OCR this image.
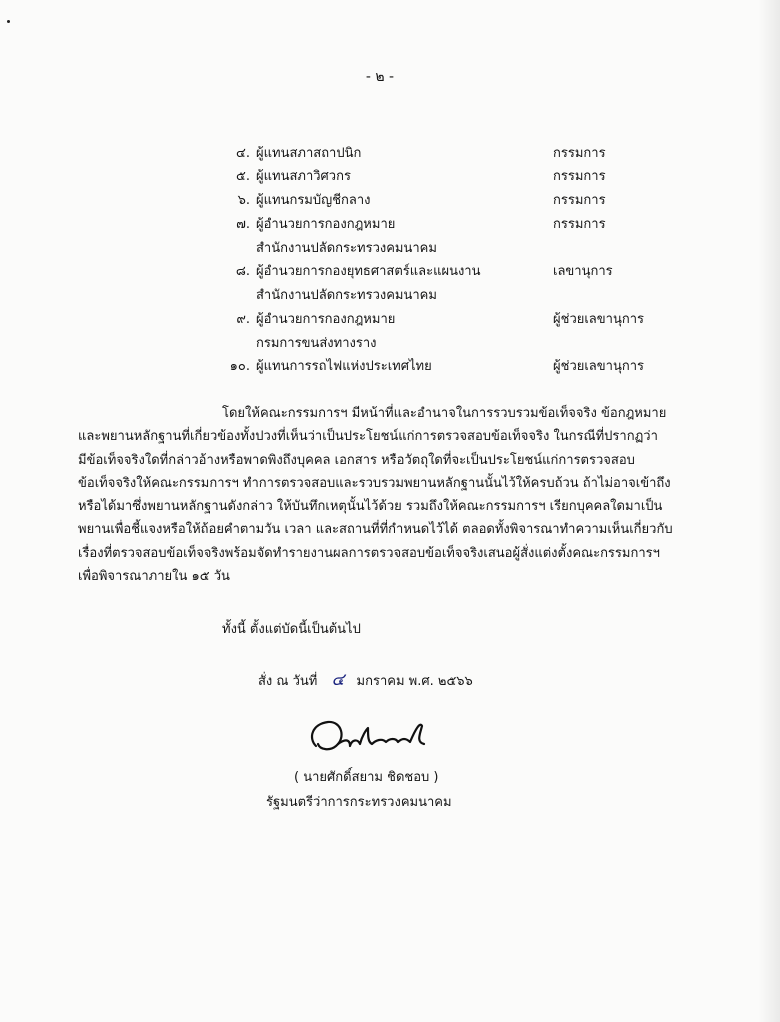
- ๒ -
๔. ผู้แทนสภาสถาปนิก	กรรมการ
๕. ผู้แทนสภาวิศวกร	กรรมการ
๖. ผู้แทนกรมบัญชีกลาง	กรรมการ
๗. ผู้อำนวยการกองกฎหมาย	กรรมการ
สำนักงานปลัดกระทรวงคมนาคม
๘. ผู้อำนวยการกองยุทธศาสตร์และแผนงาน	เลขานุการ
สำนักงานปลัดกระทรวงคมนาคม
๙. ผู้อำนวยการกองกฎหมาย	ผู้ช่วยเลขานุการ
กรมการขนส่งทางราง
๑๐. ผู้แทนการรถไฟแห่งประเทศไทย	ผู้ช่วยเลขานุการ
โดยให้คณะกรรมการฯ มีหน้าที่และอำนาจในการรวบรวมข้อเท็จจริง ข้อกฎหมาย
และพยานหลักฐานที่เกี่ยวข้องทั้งปวงที่เห็นว่าเป็นประโยชน์แก่การตรวจสอบข้อเท็จจริง ในกรณีที่ปรากฏว่า
มีข้อเท็จจริงใดที่กล่าวอ้างหรือพาดพิงถึงบุคคล เอกสาร หรือวัตถุใดที่จะเป็นประโยชน์แก่การตรวจสอบ
ข้อเท็จจริงให้คณะกรรมการฯ ทำการตรวจสอบและรวบรวมพยานหลักฐานนั้นไว้ให้ครบถ้วน ถ้าไม่อาจเข้าถึง
หรือได้มาซึ่งพยานหลักฐานดังกล่าว ให้บันทึกเหตุนั้นไว้ด้วย รวมถึงให้คณะกรรมการฯ เรียกบุคคลใดมาเป็น
พยานเพื่อชี้แจงหรือให้ถ้อยคำตามวัน เวลา และสถานที่ที่กำหนดไว้ได้ ตลอดทั้งพิจารณาทำความเห็นเกี่ยวกับ
เรื่องที่ตรวจสอบข้อเท็จจริงพร้อมจัดทำรายงานผลการตรวจสอบข้อเท็จจริงเสนอผู้สั่งแต่งตั้งคณะกรรมการฯ
เพื่อพิจารณาภายใน ๑๕ วัน
ทั้งนี้ ตั้งแต่บัดนี้เป็นต้นไป
สั่ง ณ วันที่ ๔ มกราคม พ.ศ. ๒๕๖๖
( นายศักดิ์สยาม ชิดชอบ )
รัฐมนตรีว่าการกระทรวงคมนาคม
